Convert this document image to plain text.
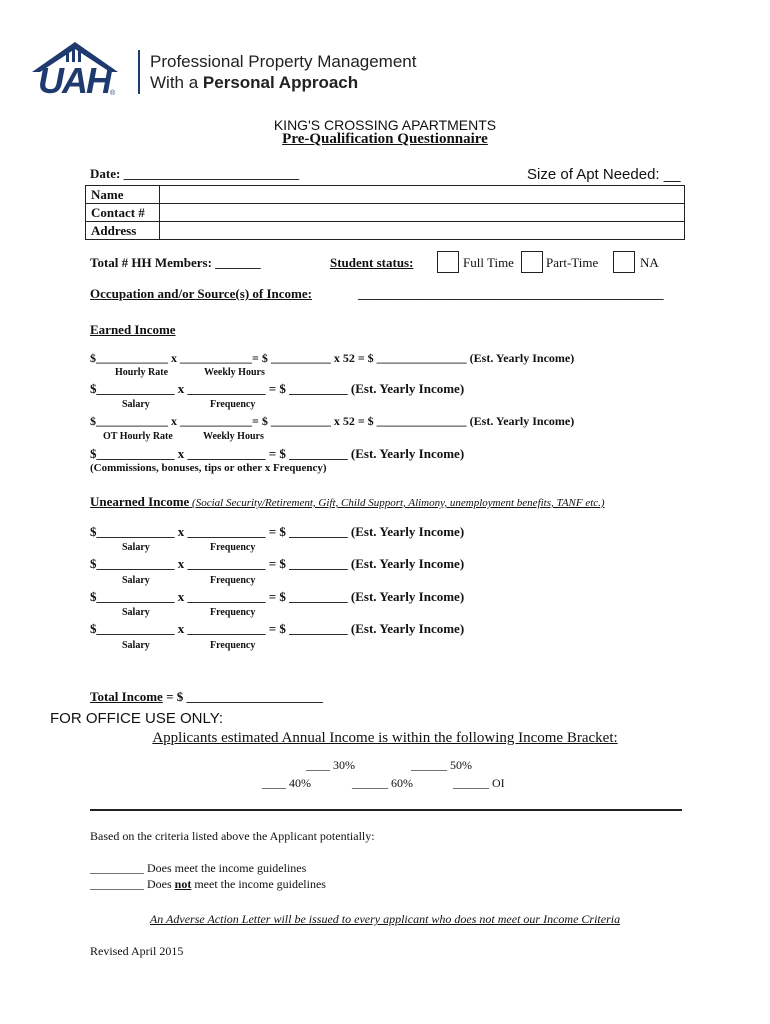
UAH ®
Professional Property Management
With a Personal Approach
KING'S CROSSING APARTMENTS
Pre-Qualification Questionnaire
Date: ___________________________	Size of Apt Needed: __
Name	
Contact #	
Address	
Total # HH Members: _______	Student status:	Full Time Part-Time	NA
Occupation and/or Source(s) of Income:	_______________________________________________
Earned Income
$____________ x ____________= $ __________ x 52 = $ _______________ (Est. Yearly Income)
Hourly Rate	Weekly Hours
$____________ x ____________ = $ _________ (Est. Yearly Income)
Salary	Frequency
$____________ x ____________= $ __________ x 52 = $ _______________ (Est. Yearly Income)
OT Hourly Rate	Weekly Hours
$____________ x ____________ = $ _________ (Est. Yearly Income)
(Commissions, bonuses, tips or other x Frequency)
Unearned Income (Social Security/Retirement, Gift, Child Support, Alimony, unemployment benefits, TANF etc.)
$____________ x ____________ = $ _________ (Est. Yearly Income)
Salary	Frequency
$____________ x ____________ = $ _________ (Est. Yearly Income)
Salary	Frequency
$____________ x ____________ = $ _________ (Est. Yearly Income)
Salary	Frequency
$____________ x ____________ = $ _________ (Est. Yearly Income)
Salary	Frequency
Total Income = $ _____________________
FOR OFFICE USE ONLY:
Applicants estimated Annual Income is within the following Income Bracket:
____ 30%	______ 50%
____ 40%	______ 60%	______ OI
Based on the criteria listed above the Applicant potentially:
_________ Does meet the income guidelines
_________ Does not meet the income guidelines
An Adverse Action Letter will be issued to every applicant who does not meet our Income Criteria
Revised April 2015
